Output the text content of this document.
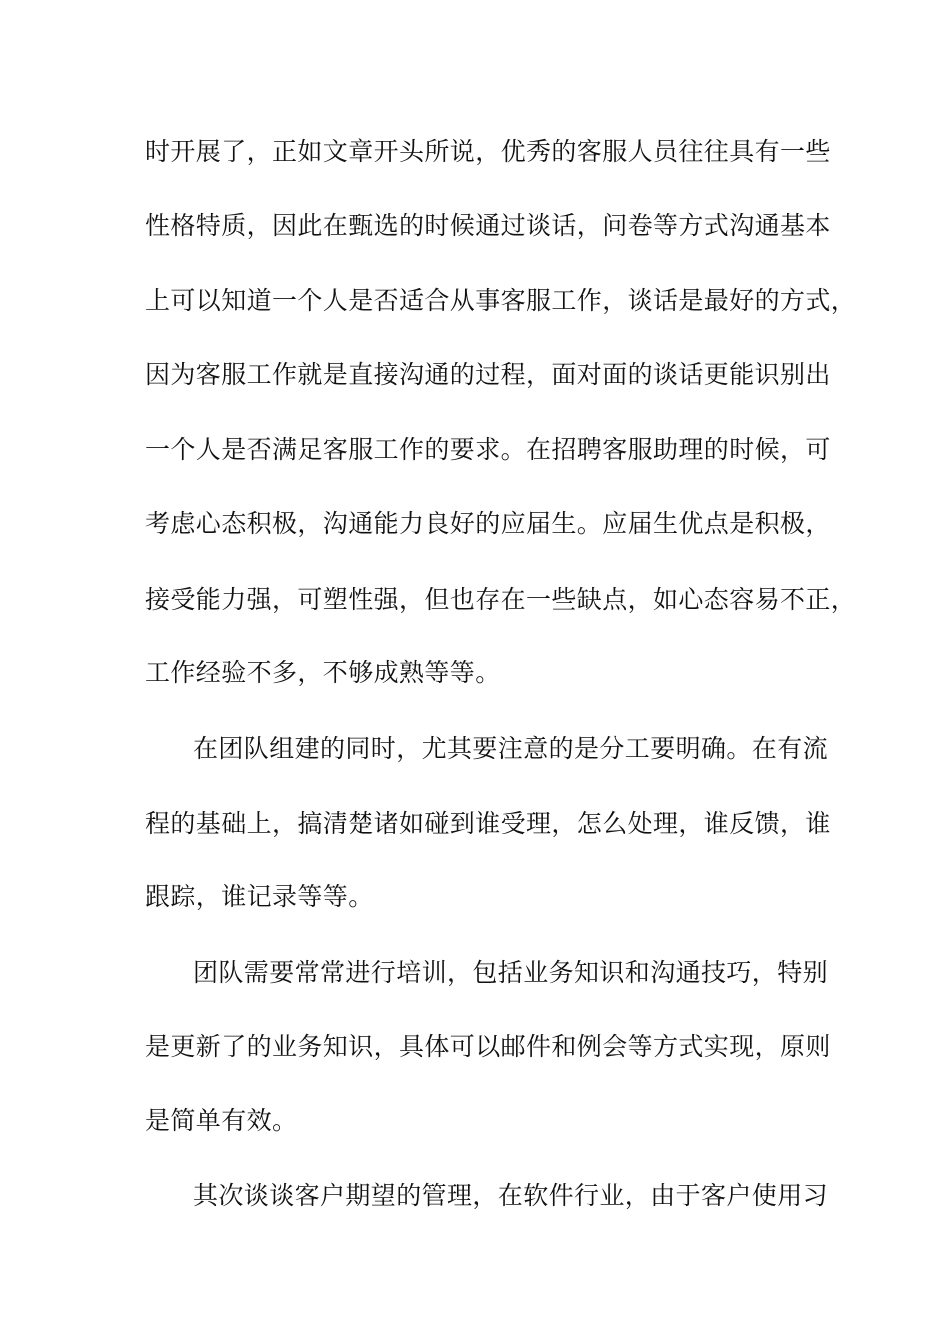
时开展了，正如文章开头所说，优秀的客服人员往往具有一些
性格特质，因此在甄选的时候通过谈话，问卷等方式沟通基本
上可以知道一个人是否适合从事客服工作，谈话是最好的方式，
因为客服工作就是直接沟通的过程，面对面的谈话更能识别出
一个人是否满足客服工作的要求。在招聘客服助理的时候，可
考虑心态积极，沟通能力良好的应届生。应届生优点是积极，
接受能力强，可塑性强，但也存在一些缺点，如心态容易不正，
工作经验不多，不够成熟等等。
在团队组建的同时，尤其要注意的是分工要明确。在有流
程的基础上，搞清楚诸如碰到谁受理，怎么处理，谁反馈，谁
跟踪，谁记录等等。
团队需要常常进行培训，包括业务知识和沟通技巧，特别
是更新了的业务知识，具体可以邮件和例会等方式实现，原则
是简单有效。
其次谈谈客户期望的管理，在软件行业，由于客户使用习
